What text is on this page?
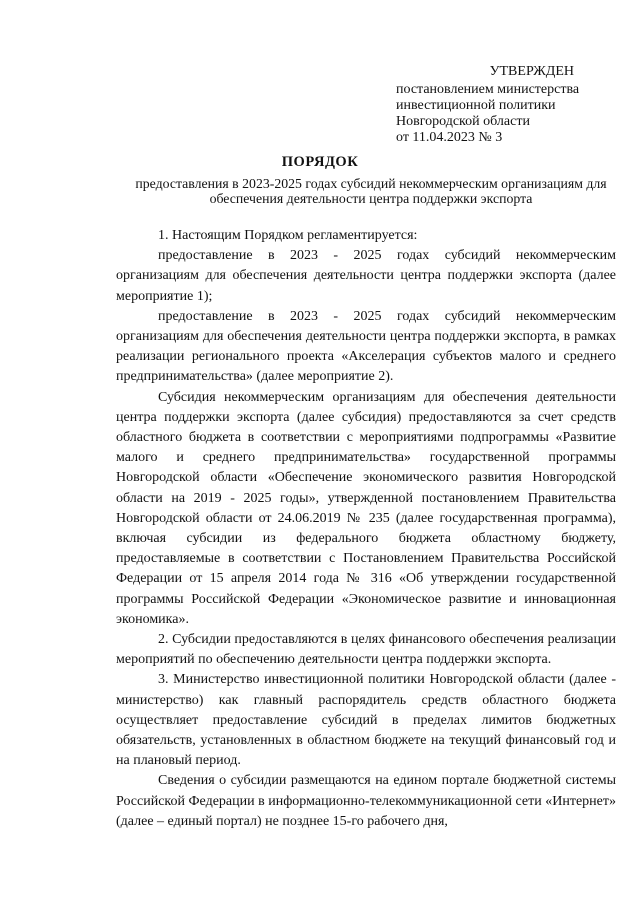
УТВЕРЖДЕН
постановлением министерства
инвестиционной политики
Новгородской области
от 11.04.2023 № 3
ПОРЯДОК
предоставления в 2023-2025 годах субсидий некоммерческим организациям для обеспечения деятельности центра поддержки экспорта

1. Настоящим Порядком регламентируется:

предоставление в 2023 - 2025 годах субсидий некоммерческим организациям для обеспечения деятельности центра поддержки экспорта (далее мероприятие 1);

предоставление в 2023 - 2025 годах субсидий некоммерческим организациям для обеспечения деятельности центра поддержки экспорта, в рамках реализации регионального проекта «Акселерация субъектов малого и среднего предпринимательства» (далее мероприятие 2).

Субсидия некоммерческим организациям для обеспечения деятельности центра поддержки экспорта (далее субсидия) предоставляются за счет средств областного бюджета в соответствии с мероприятиями подпрограммы «Развитие малого и среднего предпринимательства» государственной программы Новгородской области «Обеспечение экономического развития Новгородской области на 2019 - 2025 годы», утвержденной постановлением Правительства Новгородской области от 24.06.2019 № 235 (далее государственная программа), включая субсидии из федерального бюджета областному бюджету, предоставляемые в соответствии с Постановлением Правительства Российской Федерации от 15 апреля 2014 года № 316 «Об утверждении государственной программы Российской Федерации «Экономическое развитие и инновационная экономика».

2. Субсидии предоставляются в целях финансового обеспечения реализации мероприятий по обеспечению деятельности центра поддержки экспорта.

3. Министерство инвестиционной политики Новгородской области (далее - министерство) как главный распорядитель средств областного бюджета осуществляет предоставление субсидий в пределах лимитов бюджетных обязательств, установленных в областном бюджете на текущий финансовый год и на плановый период.

Сведения о субсидии размещаются на едином портале бюджетной системы Российской Федерации в информационно-телекоммуникационной сети «Интернет» (далее – единый портал) не позднее 15-го рабочего дня,
